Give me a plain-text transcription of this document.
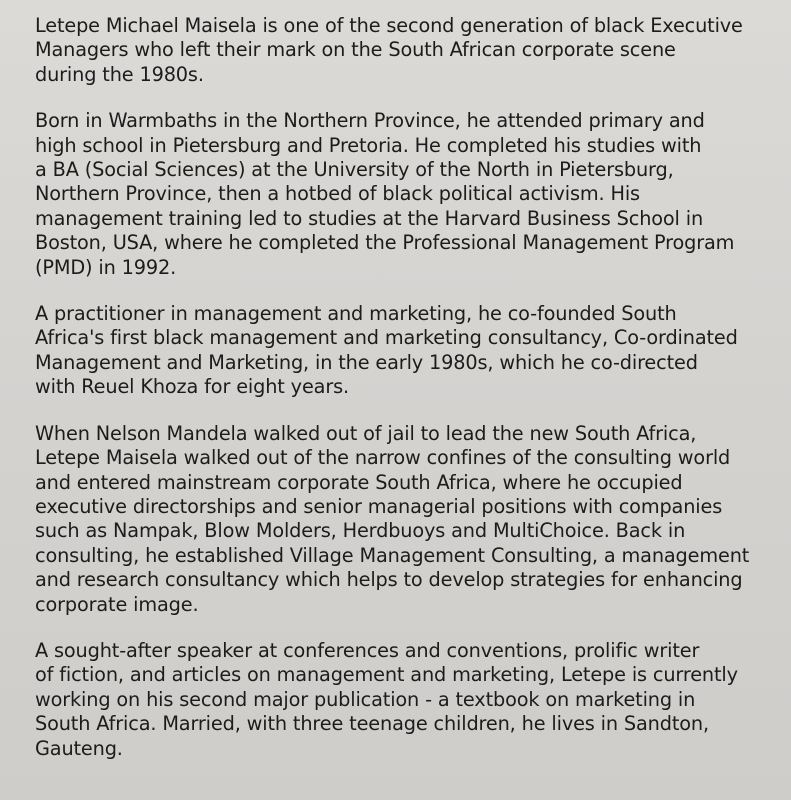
Letepe Michael Maisela is one of the second generation of black Executive
Managers who left their mark on the South African corporate scene
during the 1980s.

Born in Warmbaths in the Northern Province, he attended primary and
high school in Pietersburg and Pretoria. He completed his studies with
a BA (Social Sciences) at the University of the North in Pietersburg,
Northern Province, then a hotbed of black political activism. His
management training led to studies at the Harvard Business School in
Boston, USA, where he completed the Professional Management Program
(PMD) in 1992.

A practitioner in management and marketing, he co-founded South
Africa's first black management and marketing consultancy, Co-ordinated
Management and Marketing, in the early 1980s, which he co-directed
with Reuel Khoza for eight years.

When Nelson Mandela walked out of jail to lead the new South Africa,
Letepe Maisela walked out of the narrow confines of the consulting world
and entered mainstream corporate South Africa, where he occupied
executive directorships and senior managerial positions with companies
such as Nampak, Blow Molders, Herdbuoys and MultiChoice. Back in
consulting, he established Village Management Consulting, a management
and research consultancy which helps to develop strategies for enhancing
corporate image.

A sought-after speaker at conferences and conventions, prolific writer
of fiction, and articles on management and marketing, Letepe is currently
working on his second major publication - a textbook on marketing in
South Africa. Married, with three teenage children, he lives in Sandton,
Gauteng.
